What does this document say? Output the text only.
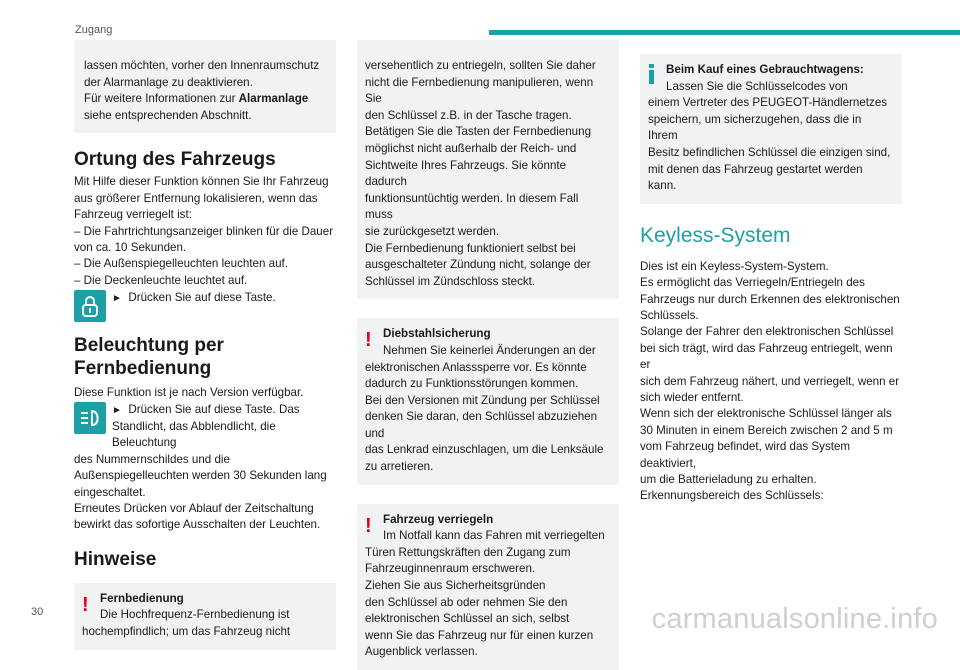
Zugang
30	carmanualsonline.info
lassen möchten, vorher den Innenraumschutz
der Alarmanlage zu deaktivieren.
Für weitere Informationen zur Alarmanlage
siehe entsprechenden Abschnitt.
Ortung des Fahrzeugs
Mit Hilfe dieser Funktion können Sie Ihr Fahrzeug
aus größerer Entfernung lokalisieren, wenn das
Fahrzeug verriegelt ist:
– Die Fahrtrichtungsanzeiger blinken für die Dauer
von ca. 10 Sekunden.
– Die Außenspiegelleuchten leuchten auf.
– Die Deckenleuchte leuchtet auf.
► Drücken Sie auf diese Taste.
Beleuchtung per
Fernbedienung
Diese Funktion ist je nach Version verfügbar.
► Drücken Sie auf diese Taste. Das
Standlicht, das Abblendlicht, die Beleuchtung
des Nummernschildes und die
Außenspiegelleuchten werden 30 Sekunden lang
eingeschaltet.
Erneutes Drücken vor Ablauf der Zeitschaltung
bewirkt das sofortige Ausschalten der Leuchten.
Hinweise
! Fernbedienung
Die Hochfrequenz-Fernbedienung ist
hochempfindlich; um das Fahrzeug nicht
versehentlich zu entriegeln, sollten Sie daher
nicht die Fernbedienung manipulieren, wenn Sie
den Schlüssel z.B. in der Tasche tragen.
Betätigen Sie die Tasten der Fernbedienung
möglichst nicht außerhalb der Reich- und
Sichtweite Ihres Fahrzeugs. Sie könnte dadurch
funktionsuntüchtig werden. In diesem Fall muss
sie zurückgesetzt werden.
Die Fernbedienung funktioniert selbst bei
ausgeschalteter Zündung nicht, solange der
Schlüssel im Zündschloss steckt.
! Diebstahlsicherung
Nehmen Sie keinerlei Änderungen an der
elektronischen Anlasssperre vor. Es könnte
dadurch zu Funktionsstörungen kommen.
Bei den Versionen mit Zündung per Schlüssel
denken Sie daran, den Schlüssel abzuziehen und
das Lenkrad einzuschlagen, um die Lenksäule
zu arretieren.
! Fahrzeug verriegeln
Im Notfall kann das Fahren mit verriegelten
Türen Rettungskräften den Zugang zum
Fahrzeuginnenraum erschweren.
Ziehen Sie aus Sicherheitsgründen
den Schlüssel ab oder nehmen Sie den
elektronischen Schlüssel an sich, selbst
wenn Sie das Fahrzeug nur für einen kurzen
Augenblick verlassen.
Beim Kauf eines Gebrauchtwagens:
Lassen Sie die Schlüsselcodes von
einem Vertreter des PEUGEOT-Händlernetzes
speichern, um sicherzugehen, dass die in Ihrem
Besitz befindlichen Schlüssel die einzigen sind,
mit denen das Fahrzeug gestartet werden kann.
Keyless-System
Dies ist ein Keyless-System-System.
Es ermöglicht das Verriegeln/Entriegeln des
Fahrzeugs nur durch Erkennen des elektronischen
Schlüssels.
Solange der Fahrer den elektronischen Schlüssel
bei sich trägt, wird das Fahrzeug entriegelt, wenn er
sich dem Fahrzeug nähert, und verriegelt, wenn er
sich wieder entfernt.
Wenn sich der elektronische Schlüssel länger als
30 Minuten in einem Bereich zwischen 2 and 5 m
vom Fahrzeug befindet, wird das System deaktiviert,
um die Batterieladung zu erhalten.
Erkennungsbereich des Schlüssels:
